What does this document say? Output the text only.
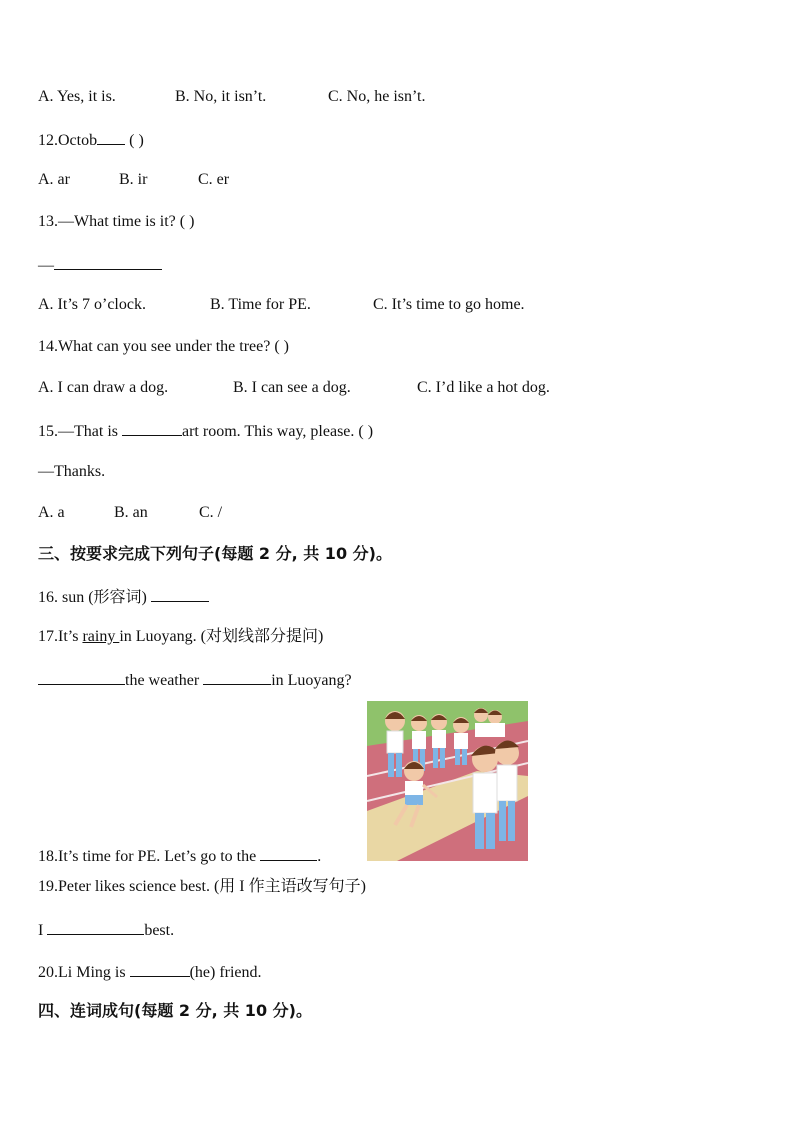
A. Yes, it is.	B. No, it isn’t.	C. No, he isn’t.
12.Octob ( )
A. ar	B. ir	C. er
13.—What time is it? ( )
—
A. It’s 7 o’clock.	B. Time for PE.	C. It’s time to go home.
14.What can you see under the tree? ( )
A. I can draw a dog.	B. I can see a dog.	C. I’d like a hot dog.
15.—That is	art room. This way, please. ( )
—Thanks.
A. a	B. an	C. /
三、按要求完成下列句子(每题 2 分, 共 10 分)。
16. sun (形容词)
17.It’s rainy in Luoyang. (对划线部分提问)
the weather	in Luoyang?
18.It’s time for PE. Let’s go to the	.
19.Peter likes science best. (用 I 作主语改写句子)
I	best.
20.Li Ming is	(he) friend.
四、连词成句(每题 2 分, 共 10 分)。
